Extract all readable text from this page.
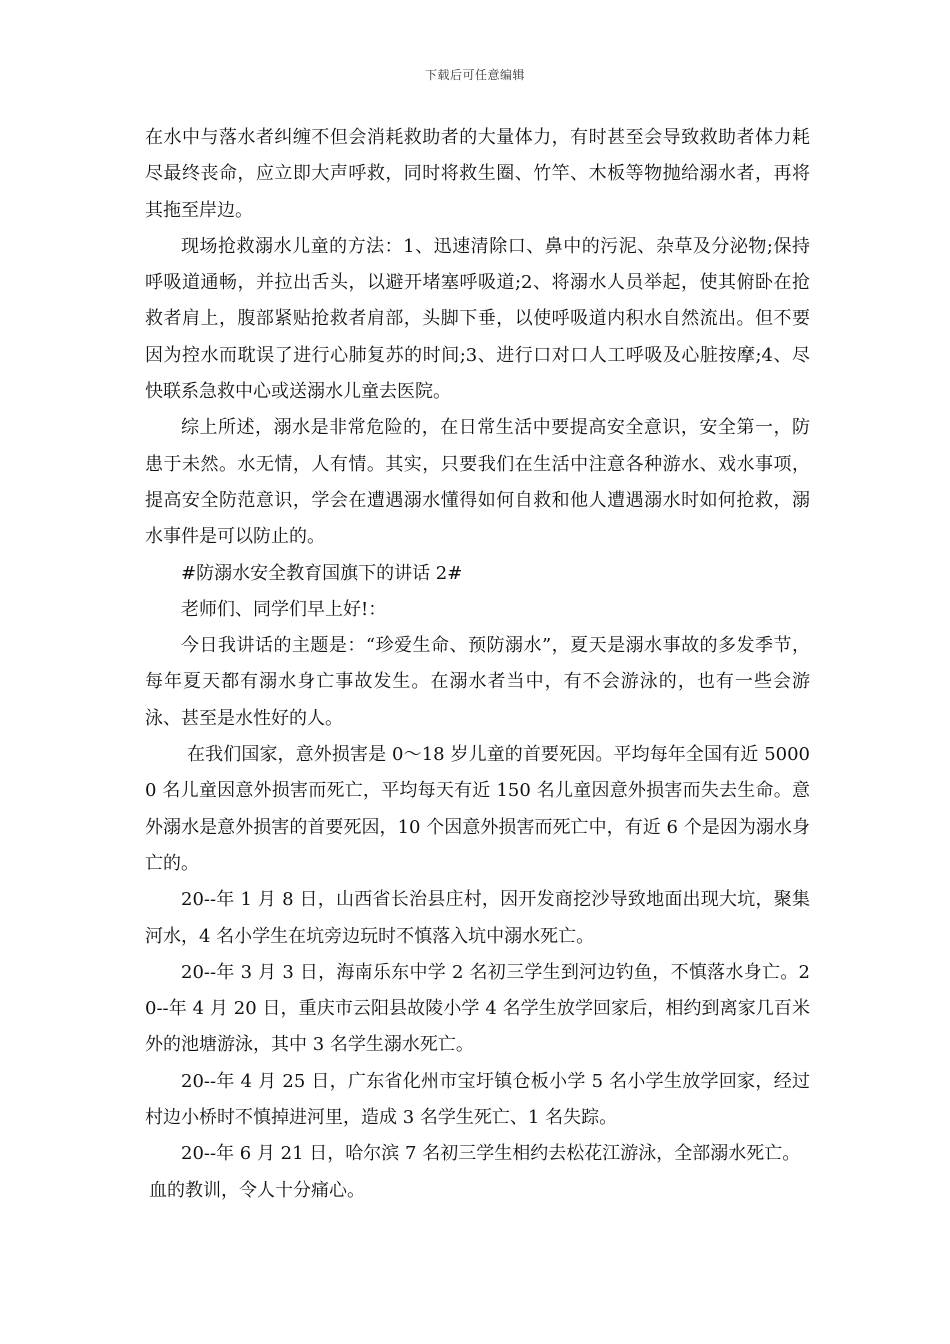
下载后可任意编辑

在水中与落水者纠缠不但会消耗救助者的大量体力，有时甚至会导致救助者体力耗尽最终丧命，应立即大声呼救，同时将救生圈、竹竿、木板等物抛给溺水者，再将其拖至岸边。

现场抢救溺水儿童的方法：1、迅速清除口、鼻中的污泥、杂草及分泌物;保持呼吸道通畅，并拉出舌头，以避开堵塞呼吸道;2、将溺水人员举起，使其俯卧在抢救者肩上，腹部紧贴抢救者肩部，头脚下垂，以使呼吸道内积水自然流出。但不要因为控水而耽误了进行心肺复苏的时间;3、进行口对口人工呼吸及心脏按摩;4、尽快联系急救中心或送溺水儿童去医院。

综上所述，溺水是非常危险的，在日常生活中要提高安全意识，安全第一，防患于未然。水无情，人有情。其实，只要我们在生活中注意各种游水、戏水事项，提高安全防范意识，学会在遭遇溺水懂得如何自救和他人遭遇溺水时如何抢救，溺水事件是可以防止的。

#防溺水安全教育国旗下的讲话 2#

老师们、同学们早上好!：

今日我讲话的主题是：“珍爱生命、预防溺水”，夏天是溺水事故的多发季节，每年夏天都有溺水身亡事故发生。在溺水者当中，有不会游泳的，也有一些会游泳、甚至是水性好的人。

在我们国家，意外损害是 0～18 岁儿童的首要死因。平均每年全国有近 50000 名儿童因意外损害而死亡，平均每天有近 150 名儿童因意外损害而失去生命。意外溺水是意外损害的首要死因，10 个因意外损害而死亡中，有近 6 个是因为溺水身亡的。

20--年 1 月 8 日，山西省长治县庄村，因开发商挖沙导致地面出现大坑，聚集河水，4 名小学生在坑旁边玩时不慎落入坑中溺水死亡。

20--年 3 月 3 日，海南乐东中学 2 名初三学生到河边钓鱼，不慎落水身亡。20--年 4 月 20 日，重庆市云阳县故陵小学 4 名学生放学回家后，相约到离家几百米外的池塘游泳，其中 3 名学生溺水死亡。

20--年 4 月 25 日，广东省化州市宝圩镇仓板小学 5 名小学生放学回家，经过村边小桥时不慎掉进河里，造成 3 名学生死亡、1 名失踪。

20--年 6 月 21 日，哈尔滨 7 名初三学生相约去松花江游泳，全部溺水死亡。

血的教训，令人十分痛心。
